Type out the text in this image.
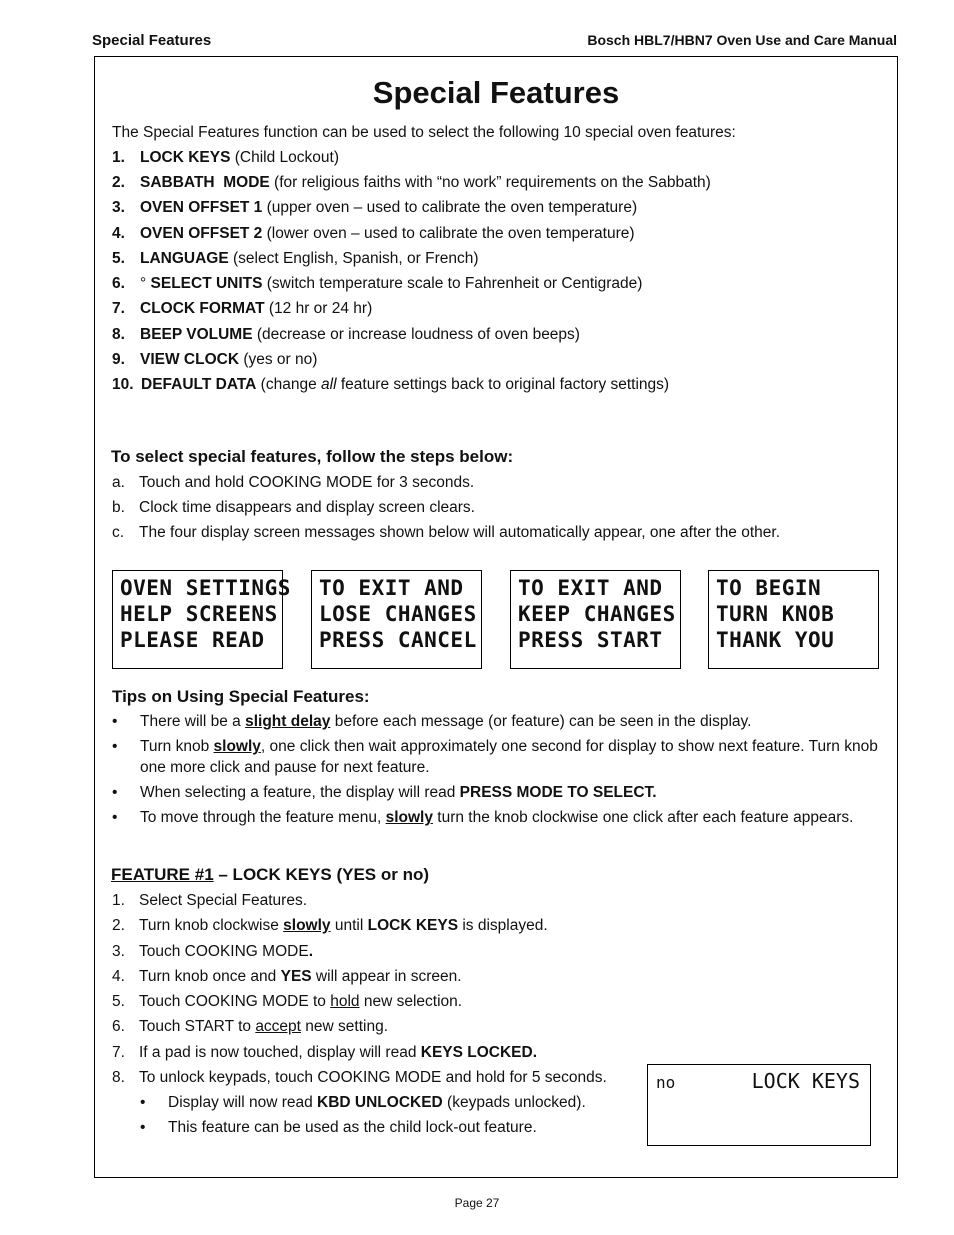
Special Features	Bosch HBL7/HBN7 Oven Use and Care Manual
Special Features
The Special Features function can be used to select the following 10 special oven features:
1. LOCK KEYS (Child Lockout)
2. SABBATH  MODE (for religious faiths with “no work” requirements on the Sabbath)
3. OVEN OFFSET 1 (upper oven – used to calibrate the oven temperature)
4. OVEN OFFSET 2 (lower oven – used to calibrate the oven temperature)
5. LANGUAGE (select English, Spanish, or French)
6. ° SELECT UNITS (switch temperature scale to Fahrenheit or Centigrade)
7. CLOCK FORMAT (12 hr or 24 hr)
8. BEEP VOLUME (decrease or increase loudness of oven beeps)
9. VIEW CLOCK (yes or no)
10. DEFAULT DATA (change all feature settings back to original factory settings)
To select special features, follow the steps below:
a. Touch and hold COOKING MODE for 3 seconds.
b. Clock time disappears and display screen clears.
c. The four display screen messages shown below will automatically appear, one after the other.
OVEN SETTINGS
HELP SCREENS
PLEASE READ
TO EXIT AND
LOSE CHANGES
PRESS CANCEL
TO EXIT AND
KEEP CHANGES
PRESS START
TO BEGIN
TURN KNOB
THANK YOU
Tips on Using Special Features:
• There will be a slight delay before each message (or feature) can be seen in the display.
• Turn knob slowly, one click then wait approximately one second for display to show next feature. Turn knob
one more click and pause for next feature.
• When selecting a feature, the display will read PRESS MODE TO SELECT.
• To move through the feature menu, slowly turn the knob clockwise one click after each feature appears.
FEATURE #1 – LOCK KEYS (YES or no)
1. Select Special Features.
2. Turn knob clockwise slowly until LOCK KEYS is displayed.
3. Touch COOKING MODE.
4. Turn knob once and YES will appear in screen.
5. Touch COOKING MODE to hold new selection.
6. Touch START to accept new setting.
7. If a pad is now touched, display will read KEYS LOCKED.
8. To unlock keypads, touch COOKING MODE and hold for 5 seconds.
• Display will now read KBD UNLOCKED (keypads unlocked).
• This feature can be used as the child lock-out feature.
no	LOCK KEYS
Page 27
